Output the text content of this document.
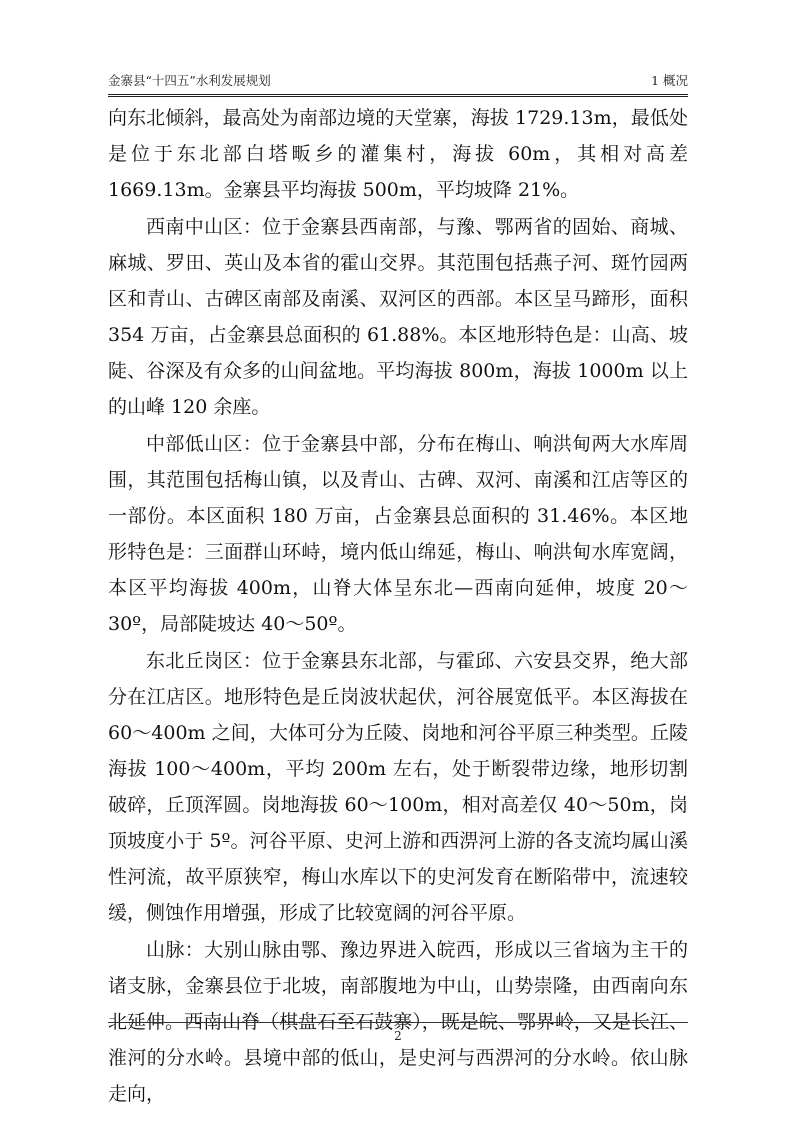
金寨县“十四五”水利发展规划	1 概况

向东北倾斜，最高处为南部边境的天堂寨，海拔 1729.13m，最低处是位于东北部白塔畈乡的灌集村，海拔 60m，其相对高差 1669.13m。金寨县平均海拔 500m，平均坡降 21%。

西南中山区：位于金寨县西南部，与豫、鄂两省的固始、商城、麻城、罗田、英山及本省的霍山交界。其范围包括燕子河、斑竹园两区和青山、古碑区南部及南溪、双河区的西部。本区呈马蹄形，面积 354 万亩，占金寨县总面积的 61.88%。本区地形特色是：山高、坡陡、谷深及有众多的山间盆地。平均海拔 800m，海拔 1000m 以上的山峰 120 余座。

中部低山区：位于金寨县中部，分布在梅山、响洪甸两大水库周围，其范围包括梅山镇，以及青山、古碑、双河、南溪和江店等区的一部份。本区面积 180 万亩，占金寨县总面积的 31.46%。本区地形特色是：三面群山环峙，境内低山绵延，梅山、响洪甸水库宽阔，本区平均海拔 400m，山脊大体呈东北—西南向延伸，坡度 20～30º，局部陡坡达 40～50º。

东北丘岗区：位于金寨县东北部，与霍邱、六安县交界，绝大部分在江店区。地形特色是丘岗波状起伏，河谷展宽低平。本区海拔在 60～400m 之间，大体可分为丘陵、岗地和河谷平原三种类型。丘陵海拔 100～400m，平均 200m 左右，处于断裂带边缘，地形切割破碎，丘顶浑圆。岗地海拔 60～100m，相对高差仅 40～50m，岗顶坡度小于 5º。河谷平原、史河上游和西淠河上游的各支流均属山溪性河流，故平原狭窄，梅山水库以下的史河发育在断陷带中，流速较缓，侧蚀作用增强，形成了比较宽阔的河谷平原。

山脉：大别山脉由鄂、豫边界进入皖西，形成以三省垴为主干的诸支脉，金寨县位于北坡，南部腹地为中山，山势崇隆，由西南向东北延伸。西南山脊（棋盘石至石鼓寨），既是皖、鄂界岭，又是长江、淮河的分水岭。县境中部的低山，是史河与西淠河的分水岭。依山脉走向，

2
